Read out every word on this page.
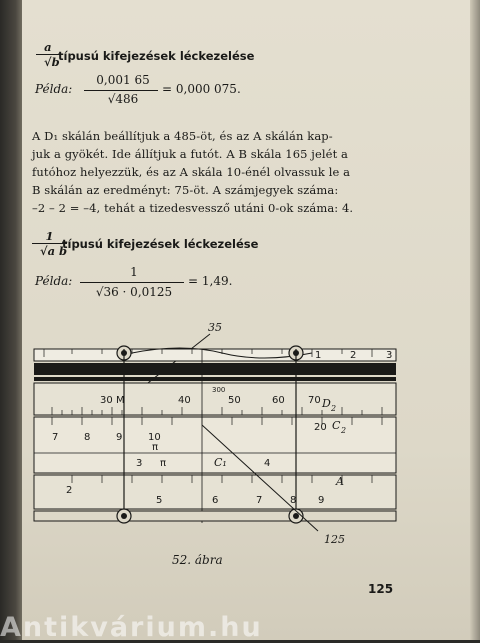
$\frac{a}{√b}$
típusú kifejezések léckezelése
Példa:
0,001 65
√486
= 0,000 075.
A D₁ skálán beállítjuk a 485-öt, és az A skálán kap-
juk a gyökét. Ide állítjuk a futót. A B skála 165 jelét a
futóhoz helyezzük, és az A skála 10-énél olvassuk le a
B skálán az eredményt: 75-öt. A számjegyek száma:
–2 – 2 = –4, tehát a tizedesvessző utáni 0-ok száma: 4.
$\frac{1}{\text{√a b}}$
típusú kifejezések léckezelése
Példa:
1
√36 · 0,0125
= 1,49.
35
1	2	3
30 M	40
300
50	60 70 D 2
7	8	9	10
20 C 2
π
3 π	4
C₁
2
5	6	7	8 9
A
125
52. ábra
125
Antikvárium.hu
